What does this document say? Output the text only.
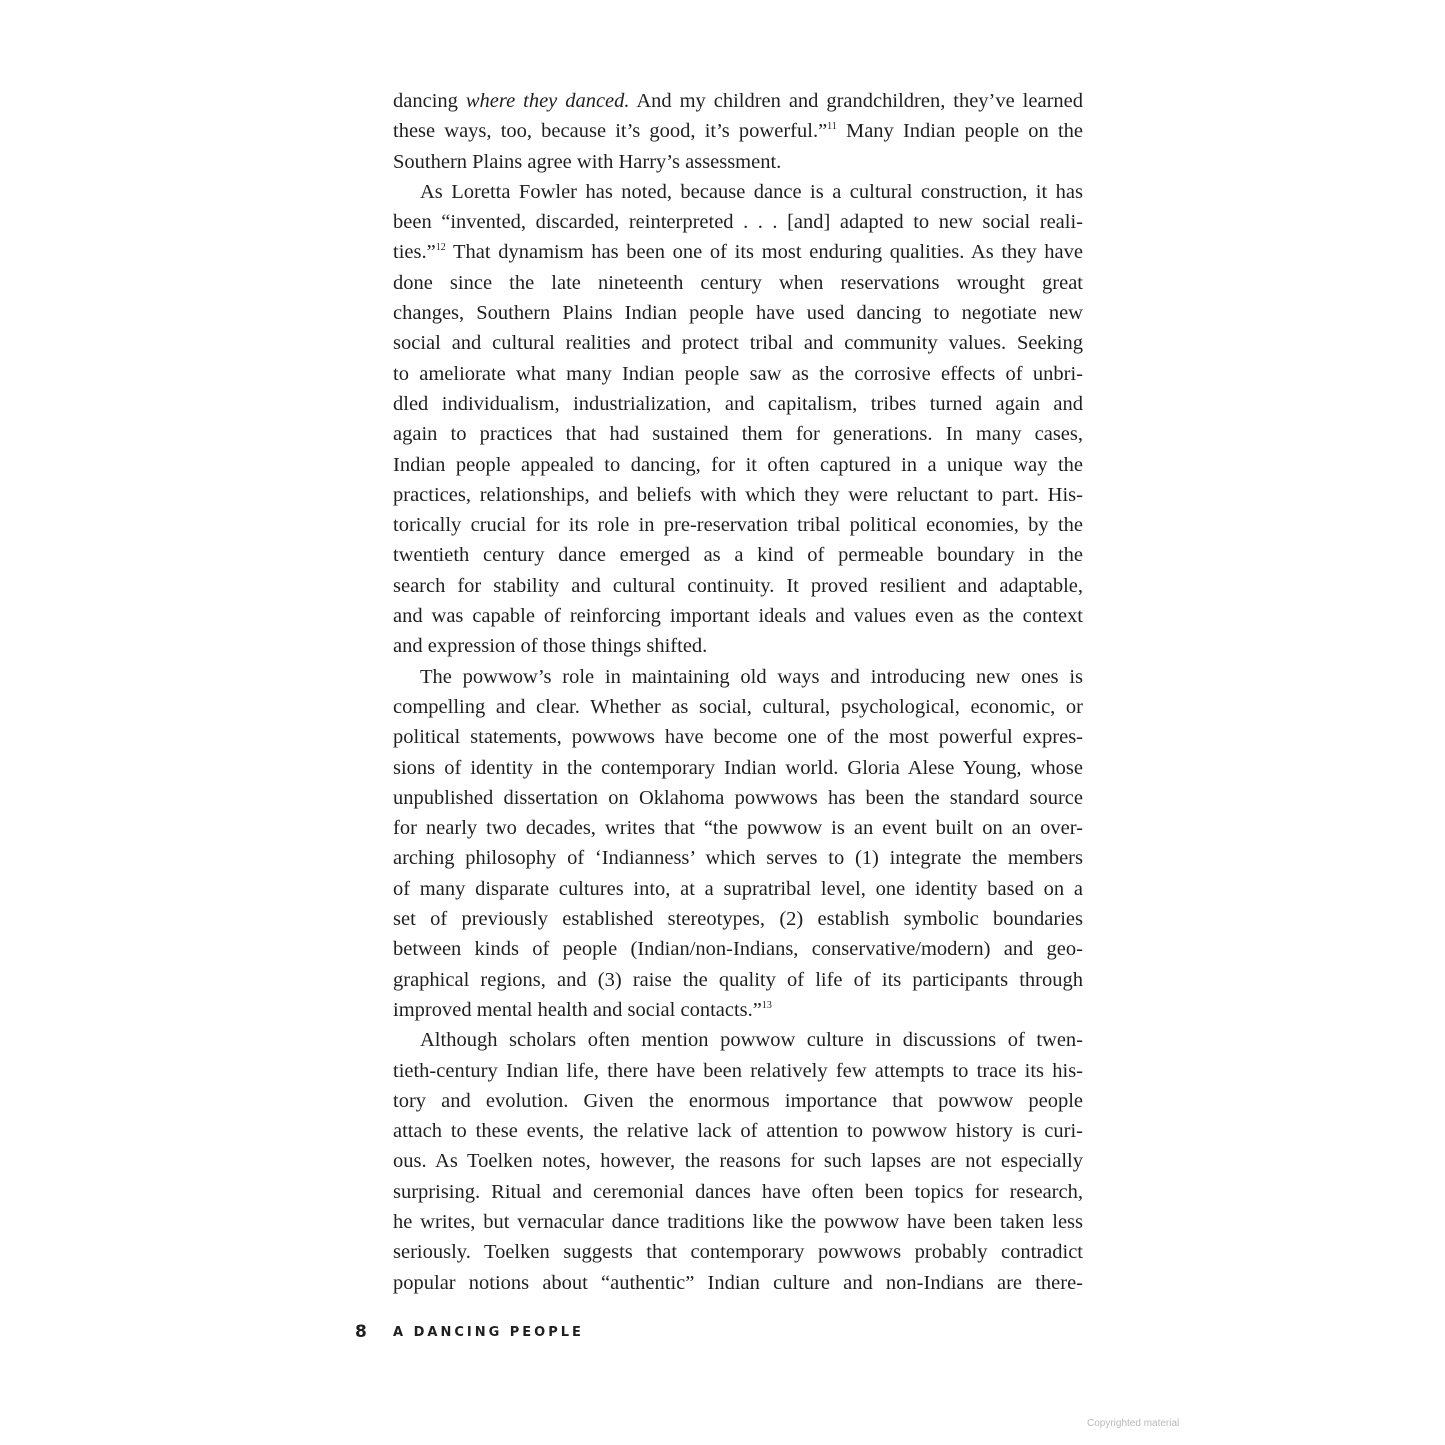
dancing where they danced. And my children and grandchildren, they’ve learned
these ways, too, because it’s good, it’s powerful.”$^{11}$ Many Indian people on the
Southern Plains agree with Harry’s assessment.
As Loretta Fowler has noted, because dance is a cultural construction, it has
been “invented, discarded, reinterpreted . . . [and] adapted to new social reali-
ties.”$^{12}$ That dynamism has been one of its most enduring qualities. As they have
done since the late nineteenth century when reservations wrought great
changes, Southern Plains Indian people have used dancing to negotiate new
social and cultural realities and protect tribal and community values. Seeking
to ameliorate what many Indian people saw as the corrosive effects of unbri-
dled individualism, industrialization, and capitalism, tribes turned again and
again to practices that had sustained them for generations. In many cases,
Indian people appealed to dancing, for it often captured in a unique way the
practices, relationships, and beliefs with which they were reluctant to part. His-
torically crucial for its role in pre-reservation tribal political economies, by the
twentieth century dance emerged as a kind of permeable boundary in the
search for stability and cultural continuity. It proved resilient and adaptable,
and was capable of reinforcing important ideals and values even as the context
and expression of those things shifted.
The powwow’s role in maintaining old ways and introducing new ones is
compelling and clear. Whether as social, cultural, psychological, economic, or
political statements, powwows have become one of the most powerful expres-
sions of identity in the contemporary Indian world. Gloria Alese Young, whose
unpublished dissertation on Oklahoma powwows has been the standard source
for nearly two decades, writes that “the powwow is an event built on an over-
arching philosophy of ‘Indianness’ which serves to (1) integrate the members
of many disparate cultures into, at a supratribal level, one identity based on a
set of previously established stereotypes, (2) establish symbolic boundaries
between kinds of people (Indian/non-Indians, conservative/modern) and geo-
graphical regions, and (3) raise the quality of life of its participants through
improved mental health and social contacts.”$^{13}$
Although scholars often mention powwow culture in discussions of twen-
tieth-century Indian life, there have been relatively few attempts to trace its his-
tory and evolution. Given the enormous importance that powwow people
attach to these events, the relative lack of attention to powwow history is curi-
ous. As Toelken notes, however, the reasons for such lapses are not especially
surprising. Ritual and ceremonial dances have often been topics for research,
he writes, but vernacular dance traditions like the powwow have been taken less
seriously. Toelken suggests that contemporary powwows probably contradict
popular notions about “authentic” Indian culture and non-Indians are there-
8 A DANCING PEOPLE
Copyrighted material
